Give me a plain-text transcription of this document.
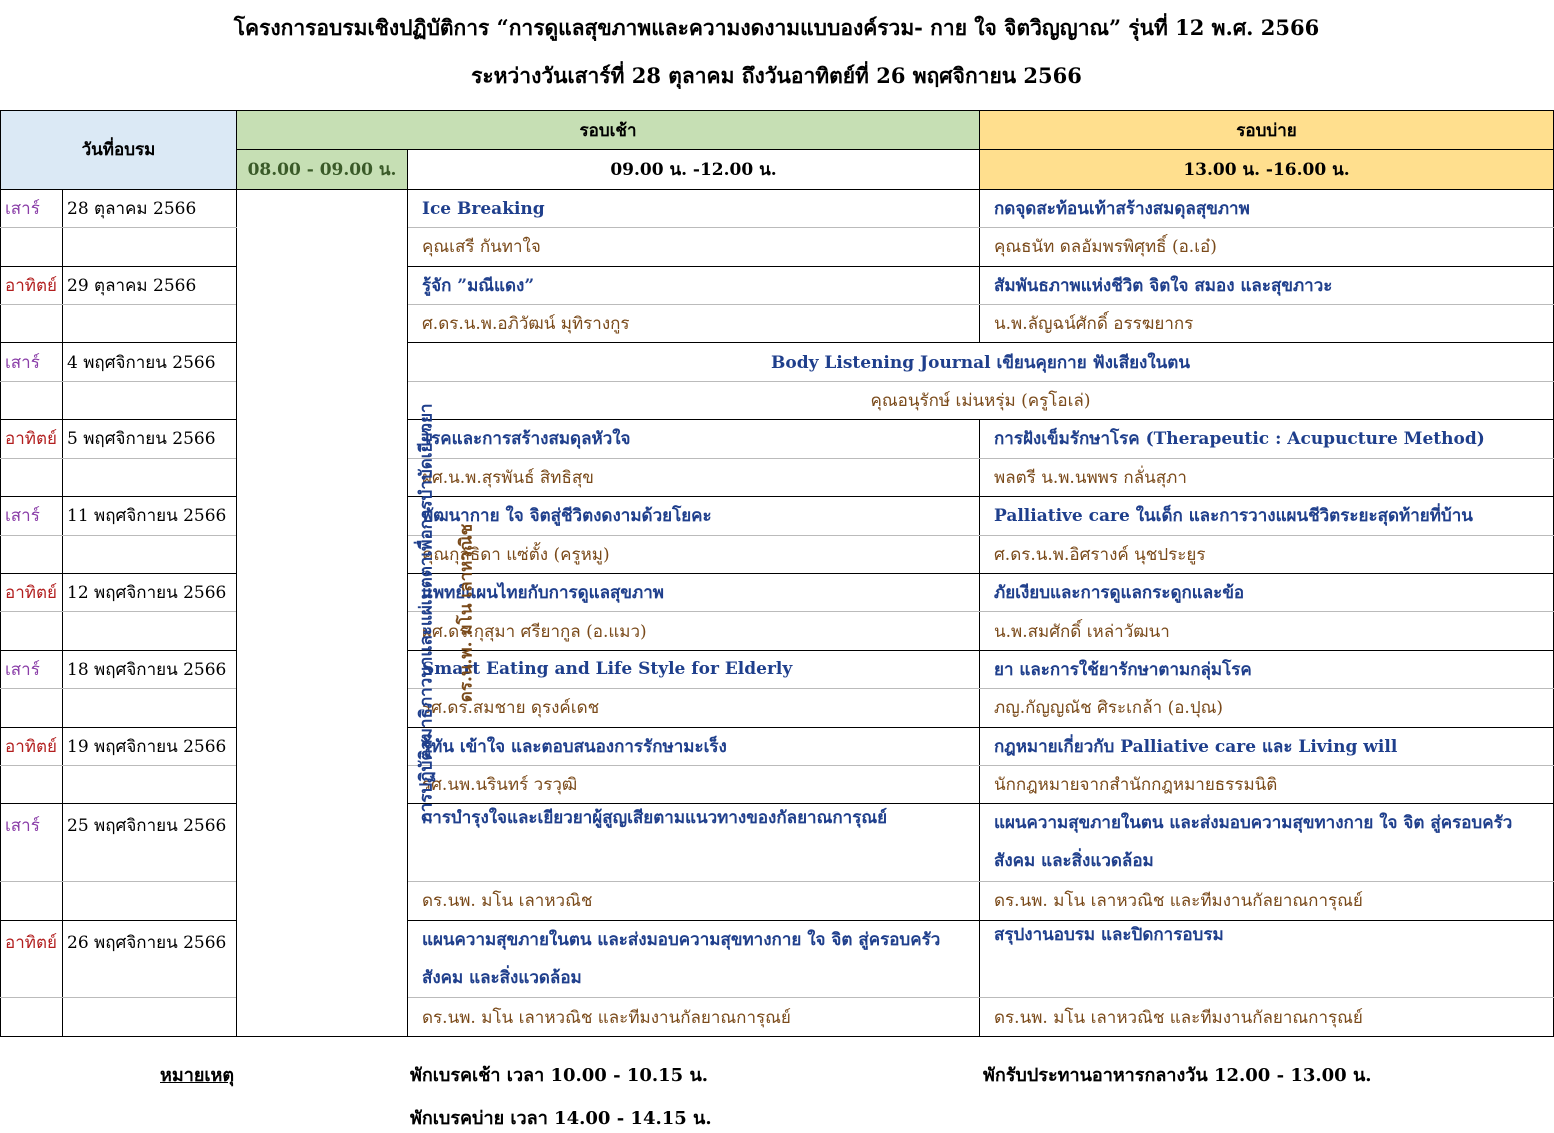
โครงการอบรมเชิงปฏิบัติการ “การดูแลสุขภาพและความงดงามแบบองค์รวม- กาย ใจ จิตวิญญาณ” รุ่นที่ 12 พ.ศ. 2566
ระหว่างวันเสาร์ที่ 28 ตุลาคม ถึงวันอาทิตย์ที่ 26 พฤศจิกายน 2566
วันที่อบรม		รอบเช้า		รอบบ่าย
		08.00 - 09.00 น.	09.00 น. -12.00 น.	13.00 น. -16.00 น.
เสาร์	28 ตุลาคม 2566	การปฏิบัติสมาธิภาวนาและแผ่เมตตาเพื่อการบำบัดเยียวยา ดร.น.พ. มโน เลาหวณิช	Ice Breaking	กดจุดสะท้อนเท้าสร้างสมดุลสุขภาพ
			คุณเสรี กันทาใจ	คุณธนัท ดลอัมพรพิศุทธิ์ (อ.เอ๋)
อาทิตย์	29 ตุลาคม 2566		รู้จัก ”มณีแดง”	สัมพันธภาพแห่งชีวิต จิตใจ สมอง และสุขภาวะ
			ศ.ดร.น.พ.อภิวัฒน์ มุทิรางกูร	น.พ.ลัญฉน์ศักดิ์ อรรฆยากร
เสาร์	4 พฤศจิกายน 2566		Body Listening Journal เขียนคุยกาย ฟังเสียงในตน	
			คุณอนุรักษ์ เม่นหรุ่ม (ครูโอเล่)	
อาทิตย์	5 พฤศจิกายน 2566		โรคและการสร้างสมดุลหัวใจ	การฝังเข็มรักษาโรค (Therapeutic : Acupucture Method)
			ผศ.น.พ.สุรพันธ์ สิทธิสุข	พลตรี น.พ.นพพร กลั่นสุภา
เสาร์	11 พฤศจิกายน 2566		พัฒนากาย ใจ จิตสู่ชีวิตงดงามด้วยโยคะ	Palliative care ในเด็ก และการวางแผนชีวิตระยะสุดท้ายที่บ้าน
			คุณกุลธิดา แซ่ตั้ง (ครูหมู)	ศ.ดร.น.พ.อิศรางค์ นุชประยูร
อาทิตย์	12 พฤศจิกายน 2566		แพทย์แผนไทยกับการดูแลสุขภาพ	ภัยเงียบและการดูแลกระดูกและข้อ
			ผศ.ดร.กุสุมา ศรียากูล (อ.แมว)	น.พ.สมศักดิ์ เหล่าวัฒนา
เสาร์	18 พฤศจิกายน 2566		Smart Eating and Life Style for Elderly	ยา และการใช้ยารักษาตามกลุ่มโรค
			รศ.ดร.สมชาย ดุรงค์เดช	ภญ.กัญญณัช ศิระเกล้า (อ.ปุณ)
อาทิตย์	19 พฤศจิกายน 2566		รู้ทัน เข้าใจ และตอบสนองการรักษามะเร็ง	กฎหมายเกี่ยวกับ Palliative care และ Living will
			รศ.นพ.นรินทร์ วรวุฒิ	นักกฎหมายจากสำนักกฎหมายธรรมนิติ
เสาร์	25 พฤศจิกายน 2566		การบำรุงใจและเยียวยาผู้สูญเสียตามแนวทางของกัลยาณการุณย์	แผนความสุขภายในตน และส่งมอบความสุขทางกาย ใจ จิต สู่ครอบครัว สังคม และสิ่งแวดล้อม
			ดร.นพ. มโน เลาหวณิช	ดร.นพ. มโน เลาหวณิช และทีมงานกัลยาณการุณย์
อาทิตย์	26 พฤศจิกายน 2566		แผนความสุขภายในตน และส่งมอบความสุขทางกาย ใจ จิต สู่ครอบครัว สังคม และสิ่งแวดล้อม	สรุปงานอบรม และปิดการอบรม
			ดร.นพ. มโน เลาหวณิช และทีมงานกัลยาณการุณย์	ดร.นพ. มโน เลาหวณิช และทีมงานกัลยาณการุณย์
หมายเหตุ	พักเบรคเช้า เวลา 10.00 - 10.15 น.	พักรับประทานอาหารกลางวัน 12.00 - 13.00 น.
พักเบรคบ่าย เวลา 14.00 - 14.15 น.
